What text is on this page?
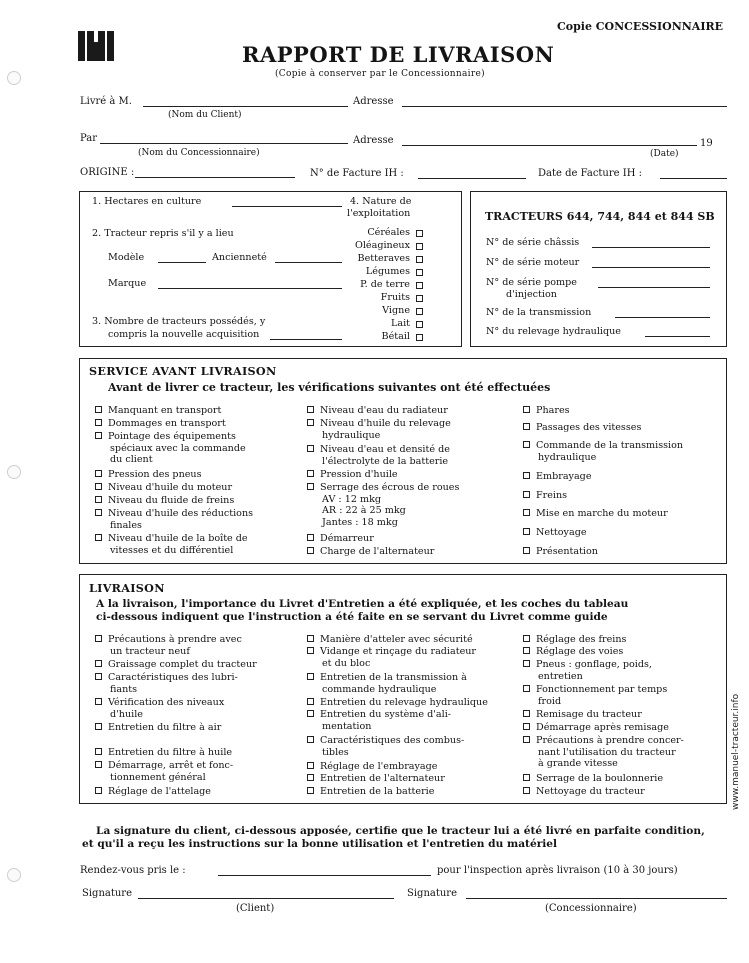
Copie CONCESSIONNAIRE
RAPPORT DE LIVRAISON
(Copie à conserver par le Concessionnaire)
Livré à M.	Adresse
(Nom du Client)
Par	Adresse	19
(Nom du Concessionnaire)	(Date)
ORIGINE :	N° de Facture IH :	Date de Facture IH :
1. Hectares en culture	4. Nature de
l'exploitation
2. Tracteur repris s'il y a lieu
Modèle	Ancienneté
Marque
3. Nombre de tracteurs possédés, y
compris la nouvelle acquisition
Céréales
Oléagineux
Betteraves
Légumes
P. de terre
Fruits
Vigne
Lait
Bétail
TRACTEURS 644, 744, 844 et 844 SB
N° de série châssis
N° de série moteur
N° de série pompe
d'injection
N° de la transmission
N° du relevage hydraulique
SERVICE AVANT LIVRAISON
Avant de livrer ce tracteur, les vérifications suivantes ont été effectuées
Manquant en transport
Dommages en transport
Pointage des équipements
spéciaux avec la commande
du client
Pression des pneus
Niveau d'huile du moteur
Niveau du fluide de freins
Niveau d'huile des réductions
finales
Niveau d'huile de la boîte de
vitesses et du différentiel
Niveau d'eau du radiateur
Niveau d'huile du relevage
hydraulique
Niveau d'eau et densité de
l'électrolyte de la batterie
Pression d'huile
Serrage des écrous de roues
AV : 12 mkg
AR : 22 à 25 mkg
Jantes : 18 mkg
Démarreur
Charge de l'alternateur
Phares
Passages des vitesses
Commande de la transmission
hydraulique
Embrayage
Freins
Mise en marche du moteur
Nettoyage
Présentation
LIVRAISON
A la livraison, l'importance du Livret d'Entretien a été expliquée, et les coches du tableau
ci-dessous indiquent que l'instruction a été faite en se servant du Livret comme guide
Précautions à prendre avec
un tracteur neuf
Graissage complet du tracteur
Caractéristiques des lubri-
fiants
Vérification des niveaux
d'huile
Entretien du filtre à air
Entretien du filtre à huile
Démarrage, arrêt et fonc-
tionnement général
Réglage de l'attelage
Manière d'atteler avec sécurité
Vidange et rinçage du radiateur
et du bloc
Entretien de la transmission à
commande hydraulique
Entretien du relevage hydraulique
Entretien du système d'ali-
mentation
Caractéristiques des combus-
tibles
Réglage de l'embrayage
Entretien de l'alternateur
Entretien de la batterie
Réglage des freins
Réglage des voies
Pneus : gonflage, poids,
entretien
Fonctionnement par temps
froid
Remisage du tracteur
Démarrage après remisage
Précautions à prendre concer-
nant l'utilisation du tracteur
à grande vitesse
Serrage de la boulonnerie
Nettoyage du tracteur
La signature du client, ci-dessous apposée, certifie que le tracteur lui a été livré en parfaite condition,
et qu'il a reçu les instructions sur la bonne utilisation et l'entretien du matériel
Rendez-vous pris le :	pour l'inspection après livraison (10 à 30 jours)
Signature	Signature
(Client)	(Concessionnaire)
www.manuel-tracteur.info
